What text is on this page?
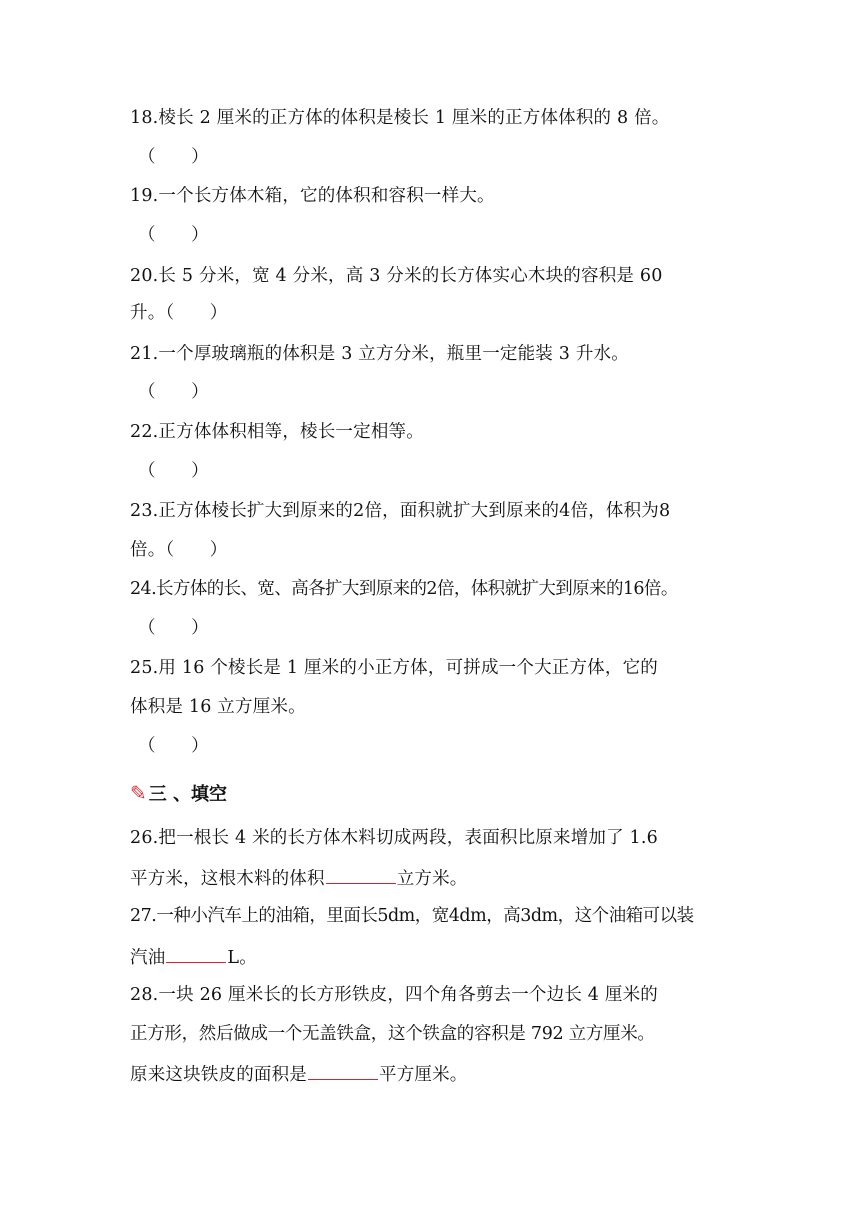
18.棱长 2 厘米的正方体的体积是棱长 1 厘米的正方体体积的 8 倍。
（　　）
19.一个长方体木箱，它的体积和容积一样大。
（　　）
20.长 5 分米，宽 4 分米，高 3 分米的长方体实心木块的容积是 60
升。（　　）
21.一个厚玻璃瓶的体积是 3 立方分米，瓶里一定能装 3 升水。
（　　）
22.正方体体积相等，棱长一定相等。
（　　）
23.正方体棱长扩大到原来的2倍，面积就扩大到原来的4倍，体积为8
倍。（　　）
24.长方体的长、宽、高各扩大到原来的2倍，体积就扩大到原来的16倍。
（　　）
25.用 16 个棱长是 1 厘米的小正方体，可拼成一个大正方体，它的
体积是 16 立方厘米。
（　　）
✎ 三 、填空
26.把一根长 4 米的长方体木料切成两段，表面积比原来增加了 1.6
平方米，这根木料的体积	立方米。
27.一种小汽车上的油箱，里面长5dm，宽4dm，高3dm，这个油箱可以装
汽油	L。
28.一块 26 厘米长的长方形铁皮，四个角各剪去一个边长 4 厘米的
正方形，然后做成一个无盖铁盒，这个铁盒的容积是 792 立方厘米。
原来这块铁皮的面积是	平方厘米。
